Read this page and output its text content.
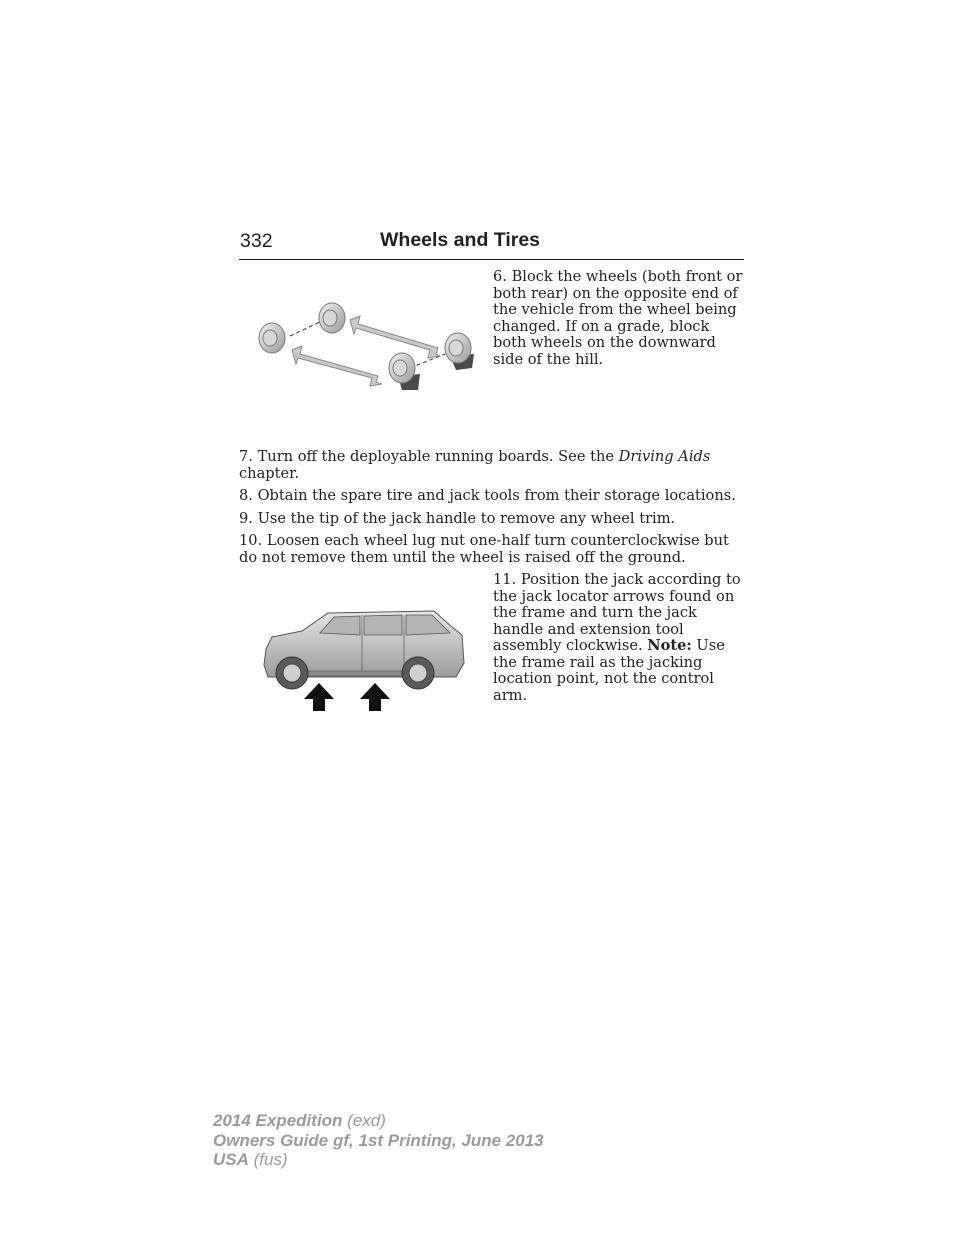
332	Wheels and Tires

6. Block the wheels (both front or both rear) on the opposite end of the vehicle from the wheel being changed. If on a grade, block both wheels on the downward side of the hill.

7. Turn off the deployable running boards. See the Driving Aids chapter.

8. Obtain the spare tire and jack tools from their storage locations.

9. Use the tip of the jack handle to remove any wheel trim.

10. Loosen each wheel lug nut one-half turn counterclockwise but do not remove them until the wheel is raised off the ground.

11. Position the jack according to the jack locator arrows found on the frame and turn the jack handle and extension tool assembly clockwise. Note: Use the frame rail as the jacking location point, not the control arm.

2014 Expedition (exd)
Owners Guide gf, 1st Printing, June 2013
USA (fus)
